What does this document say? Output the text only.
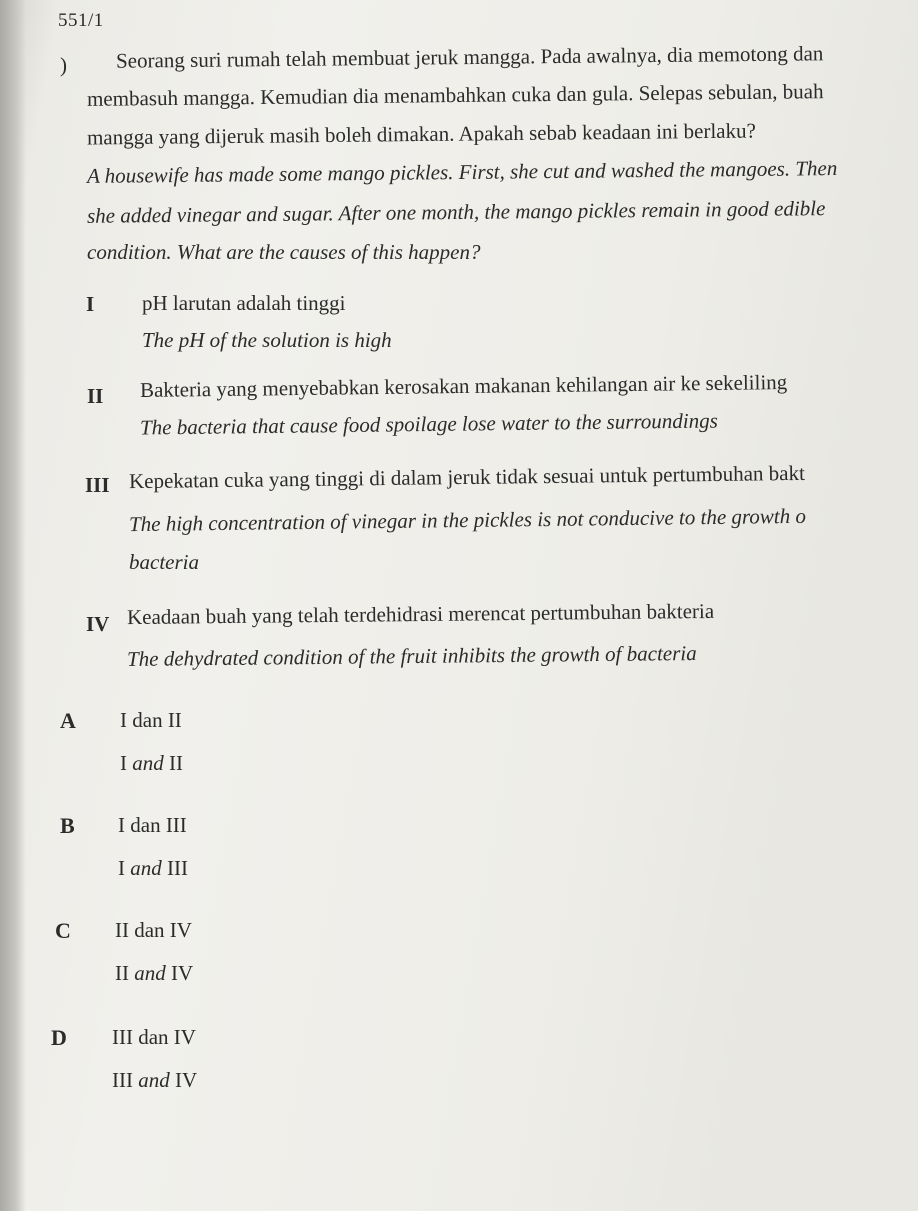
551/1
) Seorang suri rumah telah membuat jeruk mangga. Pada awalnya, dia memotong dan
membasuh mangga. Kemudian dia menambahkan cuka dan gula. Selepas sebulan, buah
mangga yang dijeruk masih boleh dimakan. Apakah sebab keadaan ini berlaku?
A housewife has made some mango pickles. First, she cut and washed the mangoes. Then
she added vinegar and sugar. After one month, the mango pickles remain in good edible
condition. What are the causes of this happen?
I pH larutan adalah tinggi
The pH of the solution is high
II Bakteria yang menyebabkan kerosakan makanan kehilangan air ke sekeliling
The bacteria that cause food spoilage lose water to the surroundings
III Kepekatan cuka yang tinggi di dalam jeruk tidak sesuai untuk pertumbuhan bakt
The high concentration of vinegar in the pickles is not conducive to the growth o
bacteria
IV Keadaan buah yang telah terdehidrasi merencat pertumbuhan bakteria
The dehydrated condition of the fruit inhibits the growth of bacteria
A I dan II
I and II
B I dan III
I and III
C II dan IV
II and IV
D III dan IV
III and IV
